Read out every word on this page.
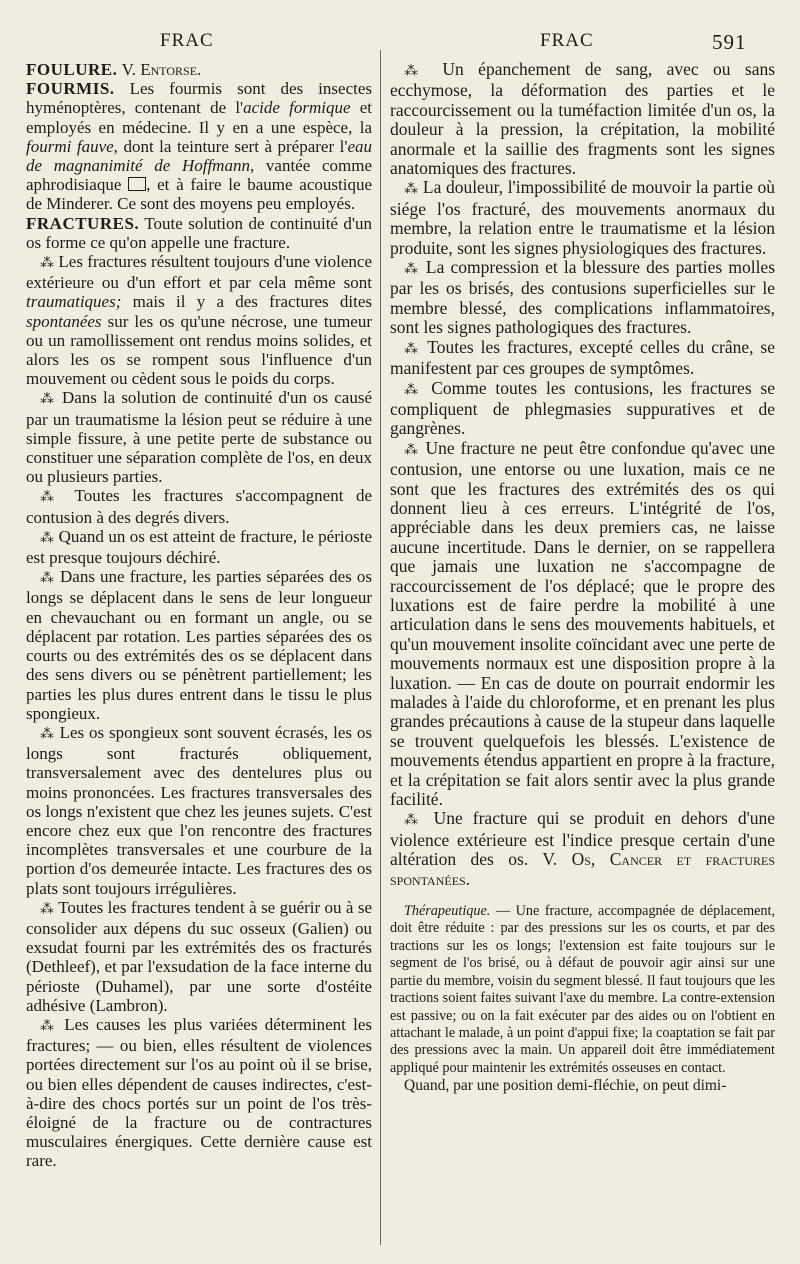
FRAC	FRAC	591

FOULURE. V. Entorse.

FOURMIS. Les fourmis sont des insectes hyménoptères, contenant de l'acide formique et employés en médecine. Il y en a une espèce, la fourmi fauve, dont la teinture sert à préparer l'eau de magnanimité de Hoffmann, vantée comme aphrodisiaque , et à faire le baume acoustique de Minderer. Ce sont des moyens peu employés.

FRACTURES. Toute solution de continuité d'un os forme ce qu'on appelle une fracture.

⁂ Les fractures résultent toujours d'une violence extérieure ou d'un effort et par cela même sont traumatiques; mais il y a des fractures dites spontanées sur les os qu'une nécrose, une tumeur ou un ramollissement ont rendus moins solides, et alors les os se rompent sous l'influence d'un mouvement ou cèdent sous le poids du corps.

⁂ Dans la solution de continuité d'un os causé par un traumatisme la lésion peut se réduire à une simple fissure, à une petite perte de substance ou constituer une séparation complète de l'os, en deux ou plusieurs parties.

⁂ Toutes les fractures s'accompagnent de contusion à des degrés divers.

⁂ Quand un os est atteint de fracture, le périoste est presque toujours déchiré.

⁂ Dans une fracture, les parties séparées des os longs se déplacent dans le sens de leur longueur en chevauchant ou en formant un angle, ou se déplacent par rotation. Les parties séparées des os courts ou des extrémités des os se déplacent dans des sens divers ou se pénètrent partiellement; les parties les plus dures entrent dans le tissu le plus spongieux.

⁂ Les os spongieux sont souvent écrasés, les os longs sont fracturés obliquement, transversalement avec des dentelures plus ou moins prononcées. Les fractures transversales des os longs n'existent que chez les jeunes sujets. C'est encore chez eux que l'on rencontre des fractures incomplètes transversales et une courbure de la portion d'os demeurée intacte. Les fractures des os plats sont toujours irrégulières.

⁂ Toutes les fractures tendent à se guérir ou à se consolider aux dépens du suc osseux (Galien) ou exsudat fourni par les extrémités des os fracturés (Dethleef), et par l'exsudation de la face interne du périoste (Duhamel), par une sorte d'ostéite adhésive (Lambron).

⁂ Les causes les plus variées déterminent les fractures; — ou bien, elles résultent de violences portées directement sur l'os au point où il se brise, ou bien elles dépendent de causes indirectes, c'est-à-dire des chocs portés sur un point de l'os très-éloigné de la fracture ou de contractures musculaires énergiques. Cette dernière cause est rare.

⁂ Un épanchement de sang, avec ou sans ecchymose, la déformation des parties et le raccourcissement ou la tuméfaction limitée d'un os, la douleur à la pression, la crépitation, la mobilité anormale et la saillie des fragments sont les signes anatomiques des fractures.

⁂ La douleur, l'impossibilité de mouvoir la partie où siége l'os fracturé, des mouvements anormaux du membre, la relation entre le traumatisme et la lésion produite, sont les signes physiologiques des fractures.

⁂ La compression et la blessure des parties molles par les os brisés, des contusions superficielles sur le membre blessé, des complications inflammatoires, sont les signes pathologiques des fractures.

⁂ Toutes les fractures, excepté celles du crâne, se manifestent par ces groupes de symptômes.

⁂ Comme toutes les contusions, les fractures se compliquent de phlegmasies suppuratives et de gangrènes.

⁂ Une fracture ne peut être confondue qu'avec une contusion, une entorse ou une luxation, mais ce ne sont que les fractures des extrémités des os qui donnent lieu à ces erreurs. L'intégrité de l'os, appréciable dans les deux premiers cas, ne laisse aucune incertitude. Dans le dernier, on se rappellera que jamais une luxation ne s'accompagne de raccourcissement de l'os déplacé; que le propre des luxations est de faire perdre la mobilité à une articulation dans le sens des mouvements habituels, et qu'un mouvement insolite coïncidant avec une perte de mouvements normaux est une disposition propre à la luxation. — En cas de doute on pourrait endormir les malades à l'aide du chloroforme, et en prenant les plus grandes précautions à cause de la stupeur dans laquelle se trouvent quelquefois les blessés. L'existence de mouvements étendus appartient en propre à la fracture, et la crépitation se fait alors sentir avec la plus grande facilité.

⁂ Une fracture qui se produit en dehors d'une violence extérieure est l'indice presque certain d'une altération des os. V. Os, Cancer et fractures spontanées.

Thérapeutique. — Une fracture, accompagnée de déplacement, doit être réduite : par des pressions sur les os courts, et par des tractions sur les os longs; l'extension est faite toujours sur le segment de l'os brisé, ou à défaut de pouvoir agir ainsi sur une partie du membre, voisin du segment blessé. Il faut toujours que les tractions soient faites suivant l'axe du membre. La contre-extension est passive; ou on la fait exécuter par des aides ou on l'obtient en attachant le malade, à un point d'appui fixe; la coaptation se fait par des pressions avec la main. Un appareil doit être immédiatement appliqué pour maintenir les extrémités osseuses en contact.

Quand, par une position demi-fléchie, on peut dimi-
